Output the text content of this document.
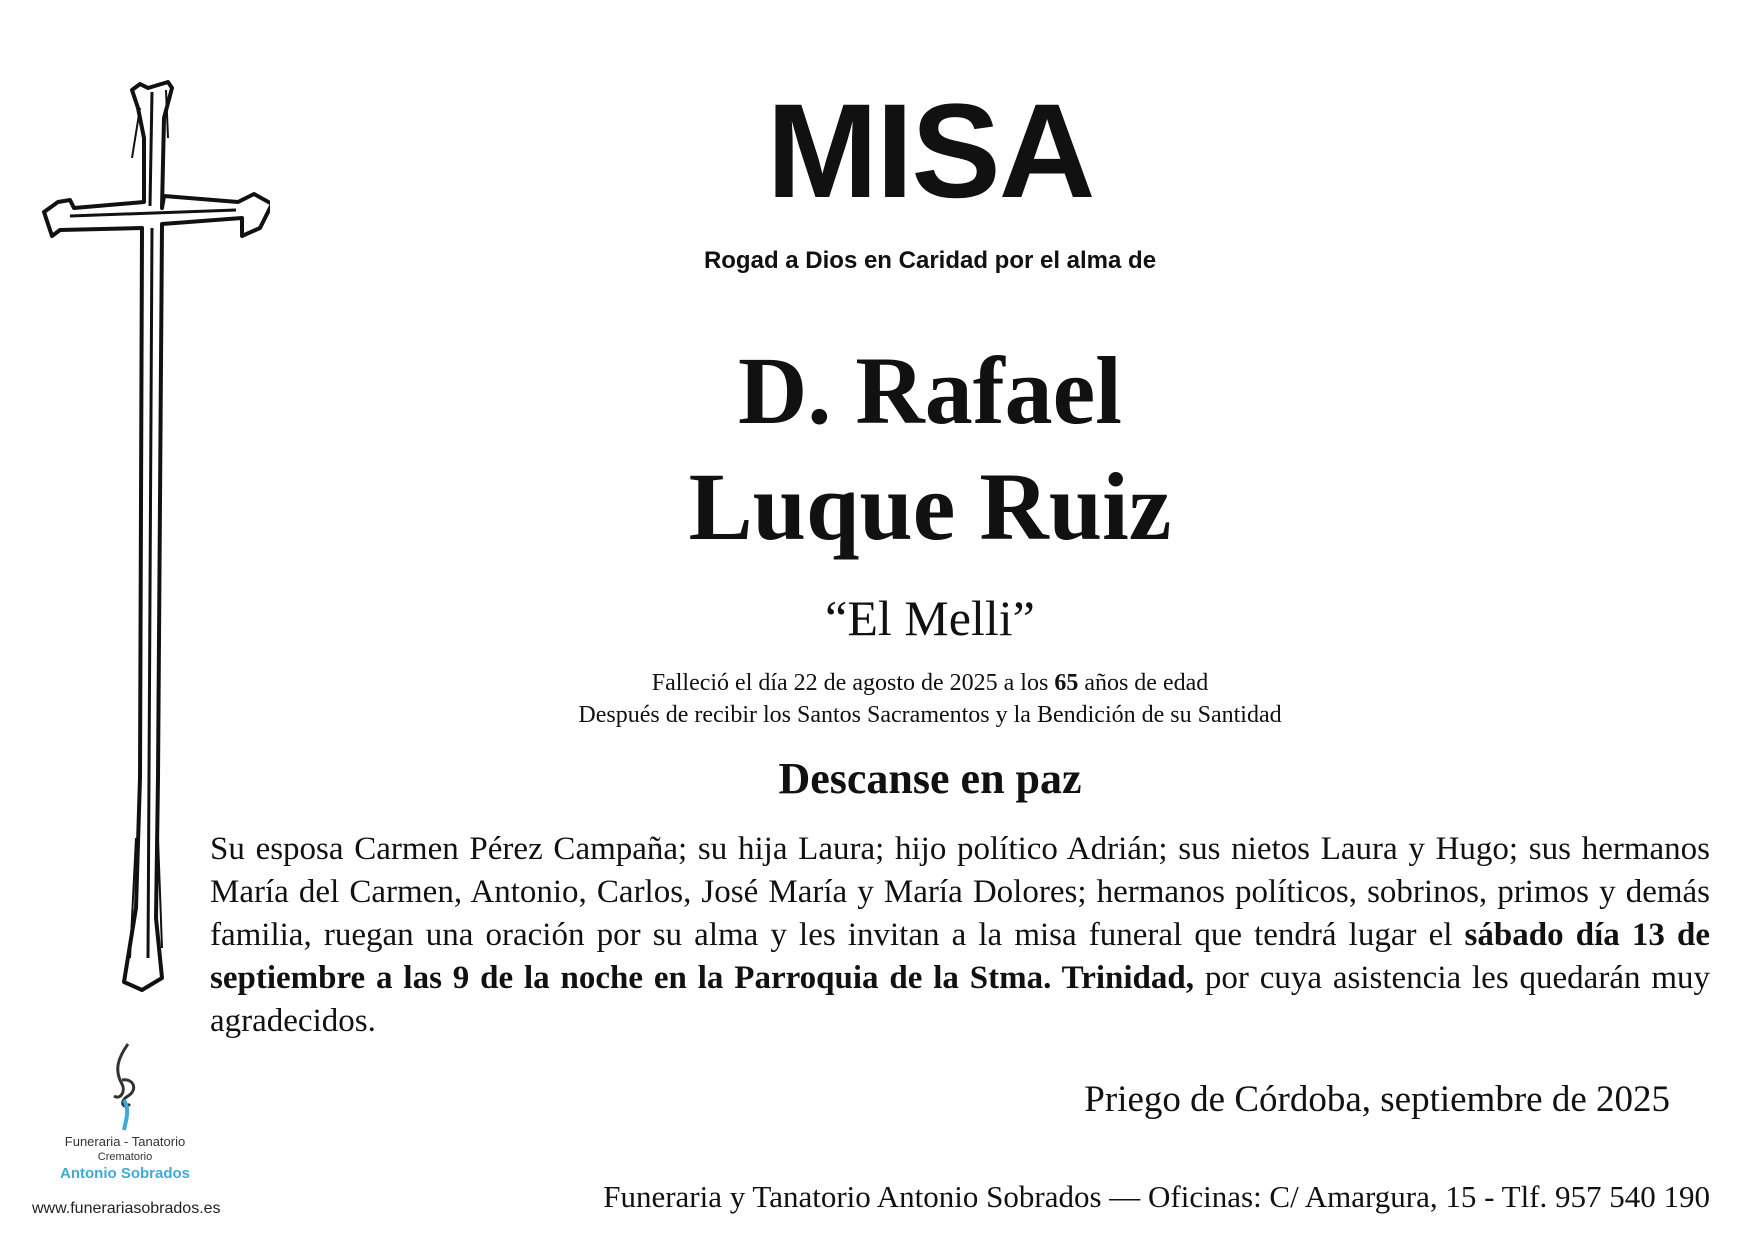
MISA
Rogad a Dios en Caridad por el alma de
D. Rafael
Luque Ruiz
“El Melli”
Falleció el día 22 de agosto de 2025 a los 65 años de edad
Después de recibir los Santos Sacramentos y la Bendición de su Santidad
Descanse en paz
Su esposa Carmen Pérez Campaña; su hija Laura; hijo político Adrián; sus nietos Laura y Hugo; sus hermanos María del Carmen, Antonio, Carlos, José María y María Dolores; hermanos políticos, sobrinos, primos y demás familia, ruegan una oración por su alma y les invitan a la misa funeral que tendrá lugar el sábado día 13 de septiembre a las 9 de la noche en la Parroquia de la Stma. Trinidad, por cuya asistencia les quedarán muy agradecidos.
Priego de Córdoba, septiembre de 2025
Funeraria y Tanatorio Antonio Sobrados — Oficinas: C/ Amargura, 15 - Tlf. 957 540 190
Funeraria - Tanatorio
Crematorio
Antonio Sobrados
www.funerariasobrados.es
